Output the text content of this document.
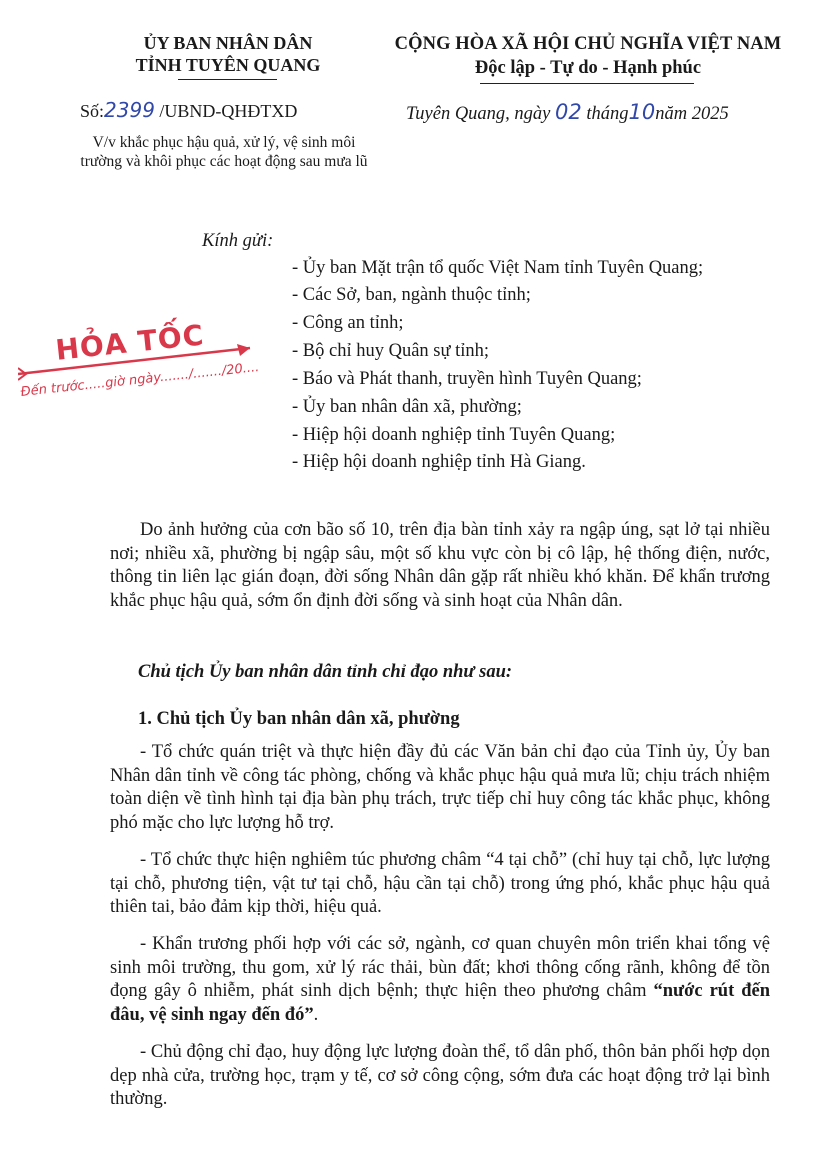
ỦY BAN NHÂN DÂN
TỈNH TUYÊN QUANG
CỘNG HÒA XÃ HỘI CHỦ NGHĨA VIỆT NAM
Độc lập - Tự do - Hạnh phúc
Số:2399 /UBND-QHĐTXD	Tuyên Quang, ngày 02 tháng10năm 2025
V/v khắc phục hậu quả, xử lý, vệ sinh môi trường và khôi phục các hoạt động sau mưa lũ
HỎA TỐC
Đến trước.....giờ ngày......./......./20....
Kính gửi:
- Ủy ban Mặt trận tổ quốc Việt Nam tỉnh Tuyên Quang;
- Các Sở, ban, ngành thuộc tỉnh;
- Công an tỉnh;
- Bộ chỉ huy Quân sự tỉnh;
- Báo và Phát thanh, truyền hình Tuyên Quang;
- Ủy ban nhân dân xã, phường;
- Hiệp hội doanh nghiệp tỉnh Tuyên Quang;
- Hiệp hội doanh nghiệp tỉnh Hà Giang.
Do ảnh hưởng của cơn bão số 10, trên địa bàn tỉnh xảy ra ngập úng, sạt lở tại nhiều nơi; nhiều xã, phường bị ngập sâu, một số khu vực còn bị cô lập, hệ thống điện, nước, thông tin liên lạc gián đoạn, đời sống Nhân dân gặp rất nhiều khó khăn. Để khẩn trương khắc phục hậu quả, sớm ổn định đời sống và sinh hoạt của Nhân dân.
Chủ tịch Ủy ban nhân dân tỉnh chỉ đạo như sau:
1. Chủ tịch Ủy ban nhân dân xã, phường
- Tổ chức quán triệt và thực hiện đầy đủ các Văn bản chỉ đạo của Tỉnh ủy, Ủy ban Nhân dân tỉnh về công tác phòng, chống và khắc phục hậu quả mưa lũ; chịu trách nhiệm toàn diện về tình hình tại địa bàn phụ trách, trực tiếp chỉ huy công tác khắc phục, không phó mặc cho lực lượng hỗ trợ.
- Tổ chức thực hiện nghiêm túc phương châm “4 tại chỗ” (chỉ huy tại chỗ, lực lượng tại chỗ, phương tiện, vật tư tại chỗ, hậu cần tại chỗ) trong ứng phó, khắc phục hậu quả thiên tai, bảo đảm kịp thời, hiệu quả.
- Khẩn trương phối hợp với các sở, ngành, cơ quan chuyên môn triển khai tổng vệ sinh môi trường, thu gom, xử lý rác thải, bùn đất; khơi thông cống rãnh, không để tồn đọng gây ô nhiễm, phát sinh dịch bệnh; thực hiện theo phương châm “nước rút đến đâu, vệ sinh ngay đến đó”.
- Chủ động chỉ đạo, huy động lực lượng đoàn thể, tổ dân phố, thôn bản phối hợp dọn dẹp nhà cửa, trường học, trạm y tế, cơ sở công cộng, sớm đưa các hoạt động trở lại bình thường.
